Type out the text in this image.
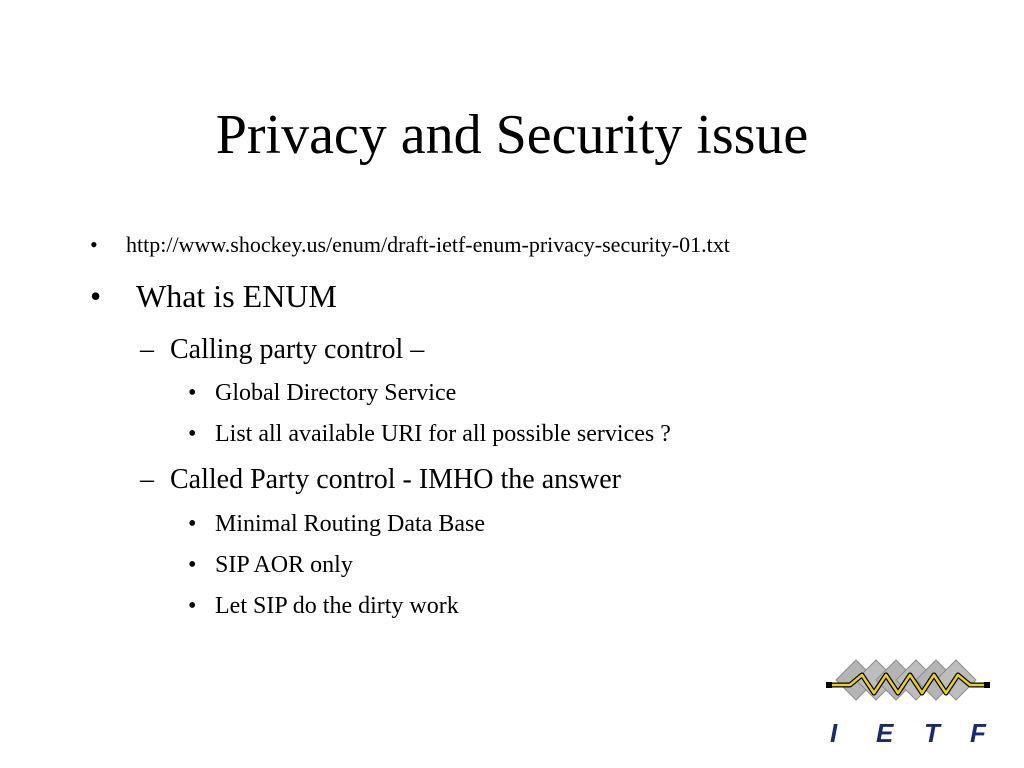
Privacy and Security issue
• http://www.shockey.us/enum/draft-ietf-enum-privacy-security-01.txt
• What is ENUM
– Calling party control –
• Global Directory Service
• List all available URI for all possible services ?
– Called Party control - IMHO the answer
• Minimal Routing Data Base
• SIP AOR only
• Let SIP do the dirty work
I E T F
